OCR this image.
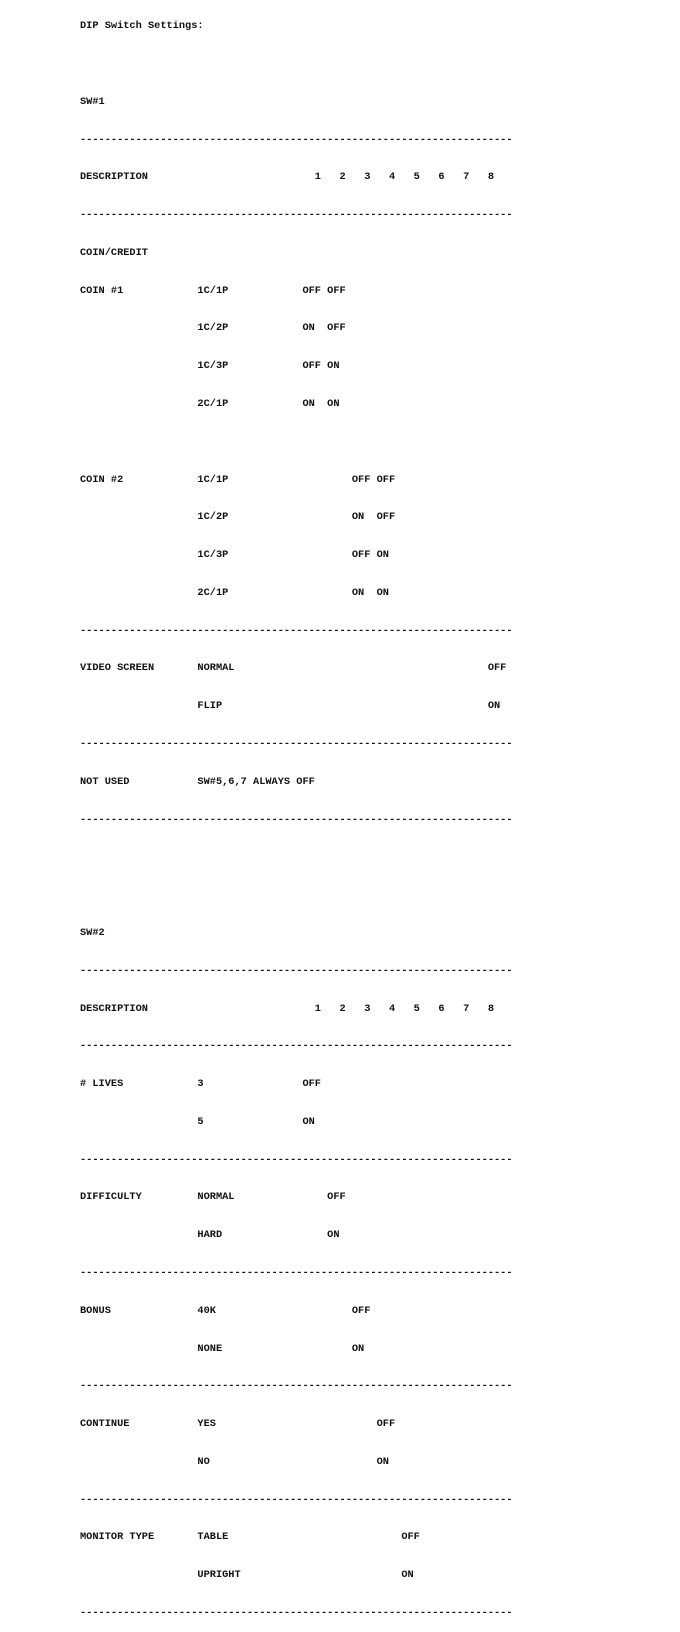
DIP Switch Settings:

SW#1

----------------------------------------------------------------------

DESCRIPTION                           1   2   3   4   5   6   7   8

----------------------------------------------------------------------

COIN/CREDIT

COIN #1            1C/1P            OFF OFF

1C/2P            ON  OFF

1C/3P            OFF ON

2C/1P            ON  ON

COIN #2            1C/1P                    OFF OFF

1C/2P                    ON  OFF

1C/3P                    OFF ON

2C/1P                    ON  ON

----------------------------------------------------------------------

VIDEO SCREEN       NORMAL                                         OFF

FLIP                                           ON

----------------------------------------------------------------------

NOT USED           SW#5,6,7 ALWAYS OFF

----------------------------------------------------------------------

SW#2

----------------------------------------------------------------------

DESCRIPTION                           1   2   3   4   5   6   7   8

----------------------------------------------------------------------

# LIVES            3                OFF

5                ON

----------------------------------------------------------------------

DIFFICULTY         NORMAL               OFF

HARD                 ON

----------------------------------------------------------------------

BONUS              40K                      OFF

NONE                     ON

----------------------------------------------------------------------

CONTINUE           YES                          OFF

NO                           ON

----------------------------------------------------------------------

MONITOR TYPE       TABLE                            OFF

UPRIGHT                          ON

----------------------------------------------------------------------
